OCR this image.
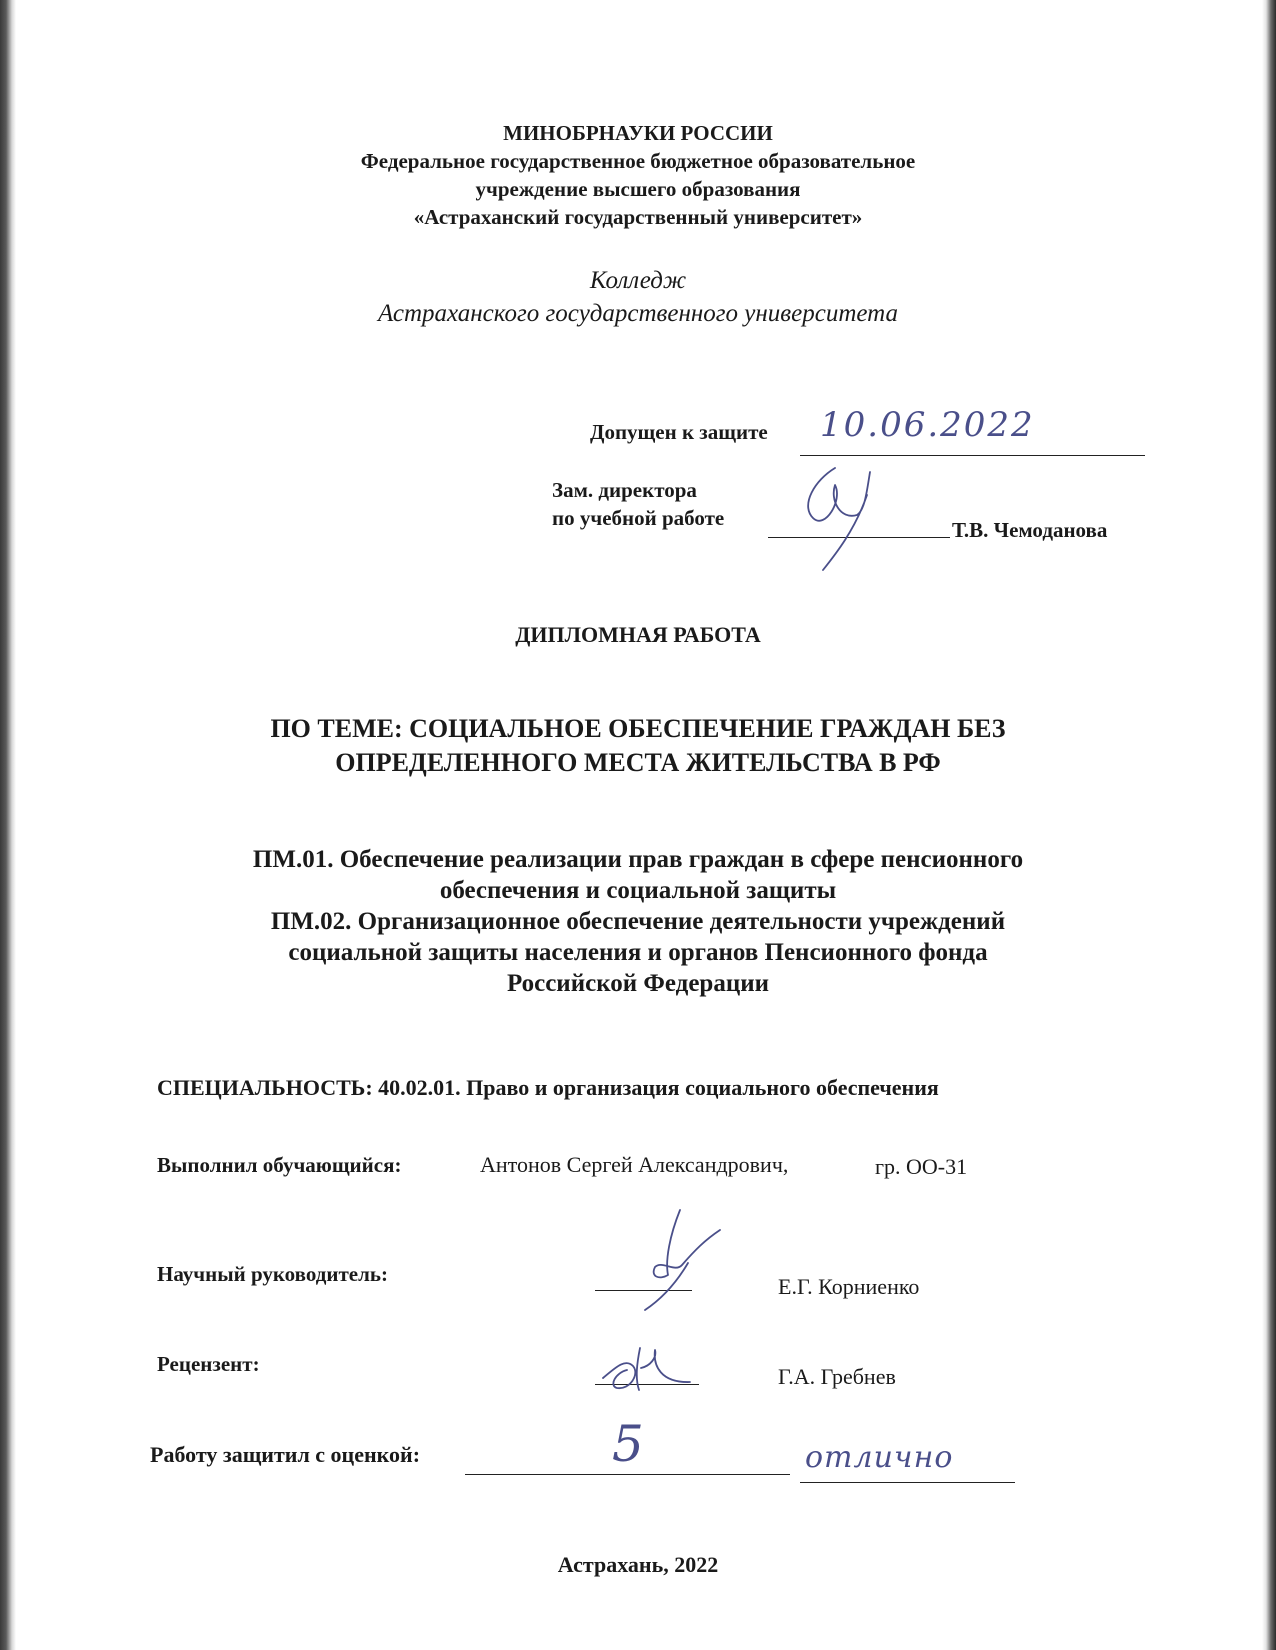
МИНОБРНАУКИ РОССИИ
Федеральное государственное бюджетное образовательное
учреждение высшего образования
«Астраханский государственный университет»
Колледж
Астраханского государственного университета
Допущен к защите 10.06.2022
Зам. директора
по учебной работе	Т.В. Чемоданова
ДИПЛОМНАЯ РАБОТА
ПО ТЕМЕ: СОЦИАЛЬНОЕ ОБЕСПЕЧЕНИЕ ГРАЖДАН БЕЗ
ОПРЕДЕЛЕННОГО МЕСТА ЖИТЕЛЬСТВА В РФ
ПМ.01. Обеспечение реализации прав граждан в сфере пенсионного
обеспечения и социальной защиты
ПМ.02. Организационное обеспечение деятельности учреждений
социальной защиты населения и органов Пенсионного фонда
Российской Федерации
СПЕЦИАЛЬНОСТЬ: 40.02.01. Право и организация социального обеспечения
Выполнил обучающийся:	Антонов Сергей Александрович,	гр. ОО-31
Научный руководитель:	Е.Г. Корниенко
Рецензент:	Г.А. Гребнев
Работу защитил с оценкой:	5	отлично
Астрахань, 2022
